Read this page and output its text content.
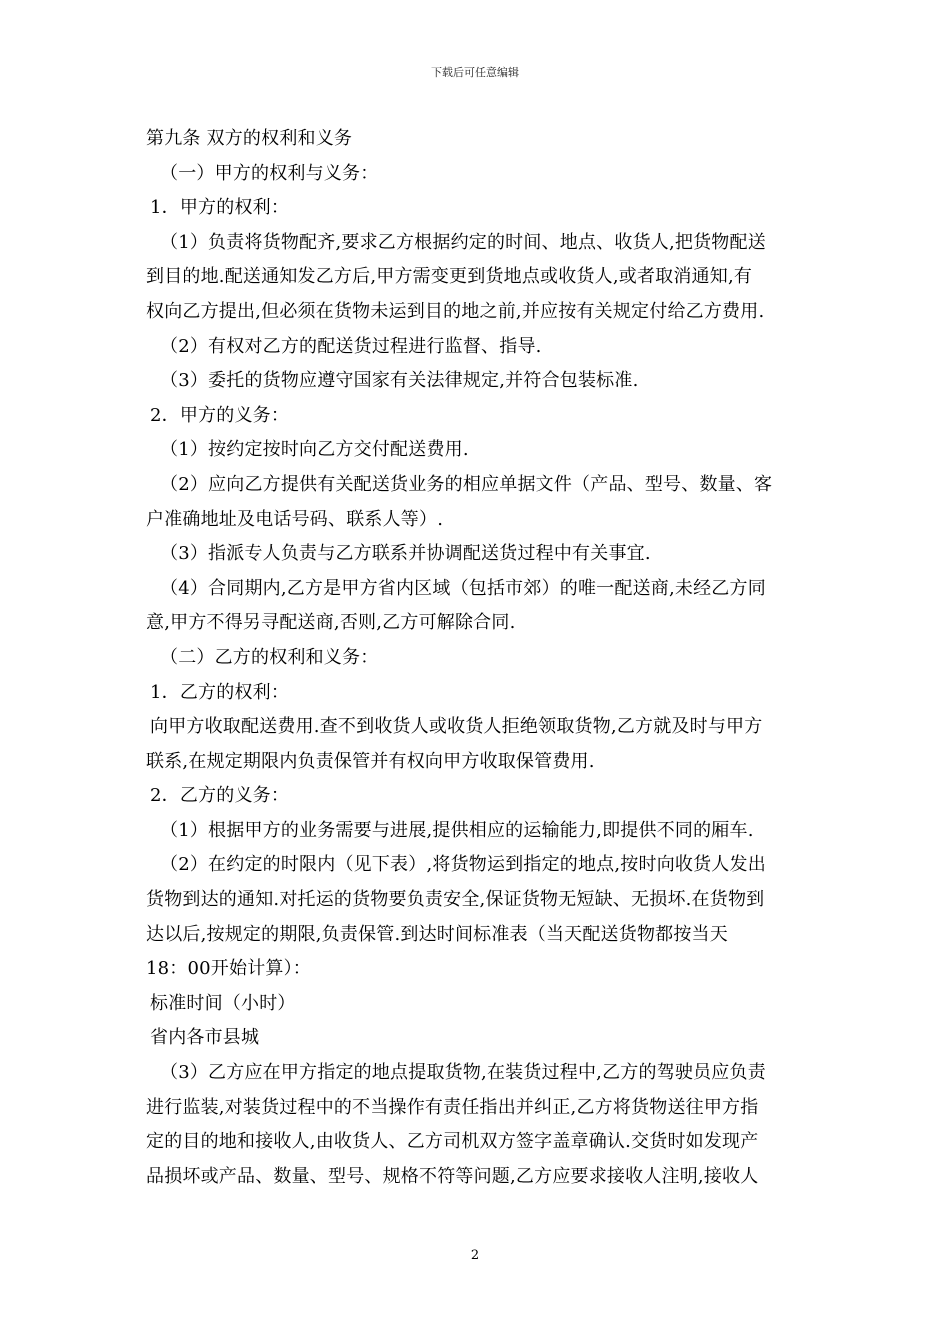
下载后可任意编辑
第九条 双方的权利和义务
（一）甲方的权利与义务：
1．甲方的权利：
（1）负责将货物配齐,要求乙方根据约定的时间、地点、收货人,把货物配送
到目的地.配送通知发乙方后,甲方需变更到货地点或收货人,或者取消通知,有
权向乙方提出,但必须在货物未运到目的地之前,并应按有关规定付给乙方费用.
（2）有权对乙方的配送货过程进行监督、指导.
（3）委托的货物应遵守国家有关法律规定,并符合包装标准.
2．甲方的义务：
（1）按约定按时向乙方交付配送费用.
（2）应向乙方提供有关配送货业务的相应单据文件（产品、型号、数量、客
户准确地址及电话号码、联系人等）.
（3）指派专人负责与乙方联系并协调配送货过程中有关事宜.
（4）合同期内,乙方是甲方省内区域（包括市郊）的唯一配送商,未经乙方同
意,甲方不得另寻配送商,否则,乙方可解除合同.
（二）乙方的权利和义务：
1．乙方的权利：
向甲方收取配送费用.查不到收货人或收货人拒绝领取货物,乙方就及时与甲方
联系,在规定期限内负责保管并有权向甲方收取保管费用.
2．乙方的义务：
（1）根据甲方的业务需要与进展,提供相应的运输能力,即提供不同的厢车.
（2）在约定的时限内（见下表）,将货物运到指定的地点,按时向收货人发出
货物到达的通知.对托运的货物要负责安全,保证货物无短缺、无损坏.在货物到
达以后,按规定的期限,负责保管.到达时间标准表（当天配送货物都按当天
18：00开始计算）：
标准时间（小时）
省内各市县城
（3）乙方应在甲方指定的地点提取货物,在装货过程中,乙方的驾驶员应负责
进行监装,对装货过程中的不当操作有责任指出并纠正,乙方将货物送往甲方指
定的目的地和接收人,由收货人、乙方司机双方签字盖章确认.交货时如发现产
品损坏或产品、数量、型号、规格不符等问题,乙方应要求接收人注明,接收人
2
